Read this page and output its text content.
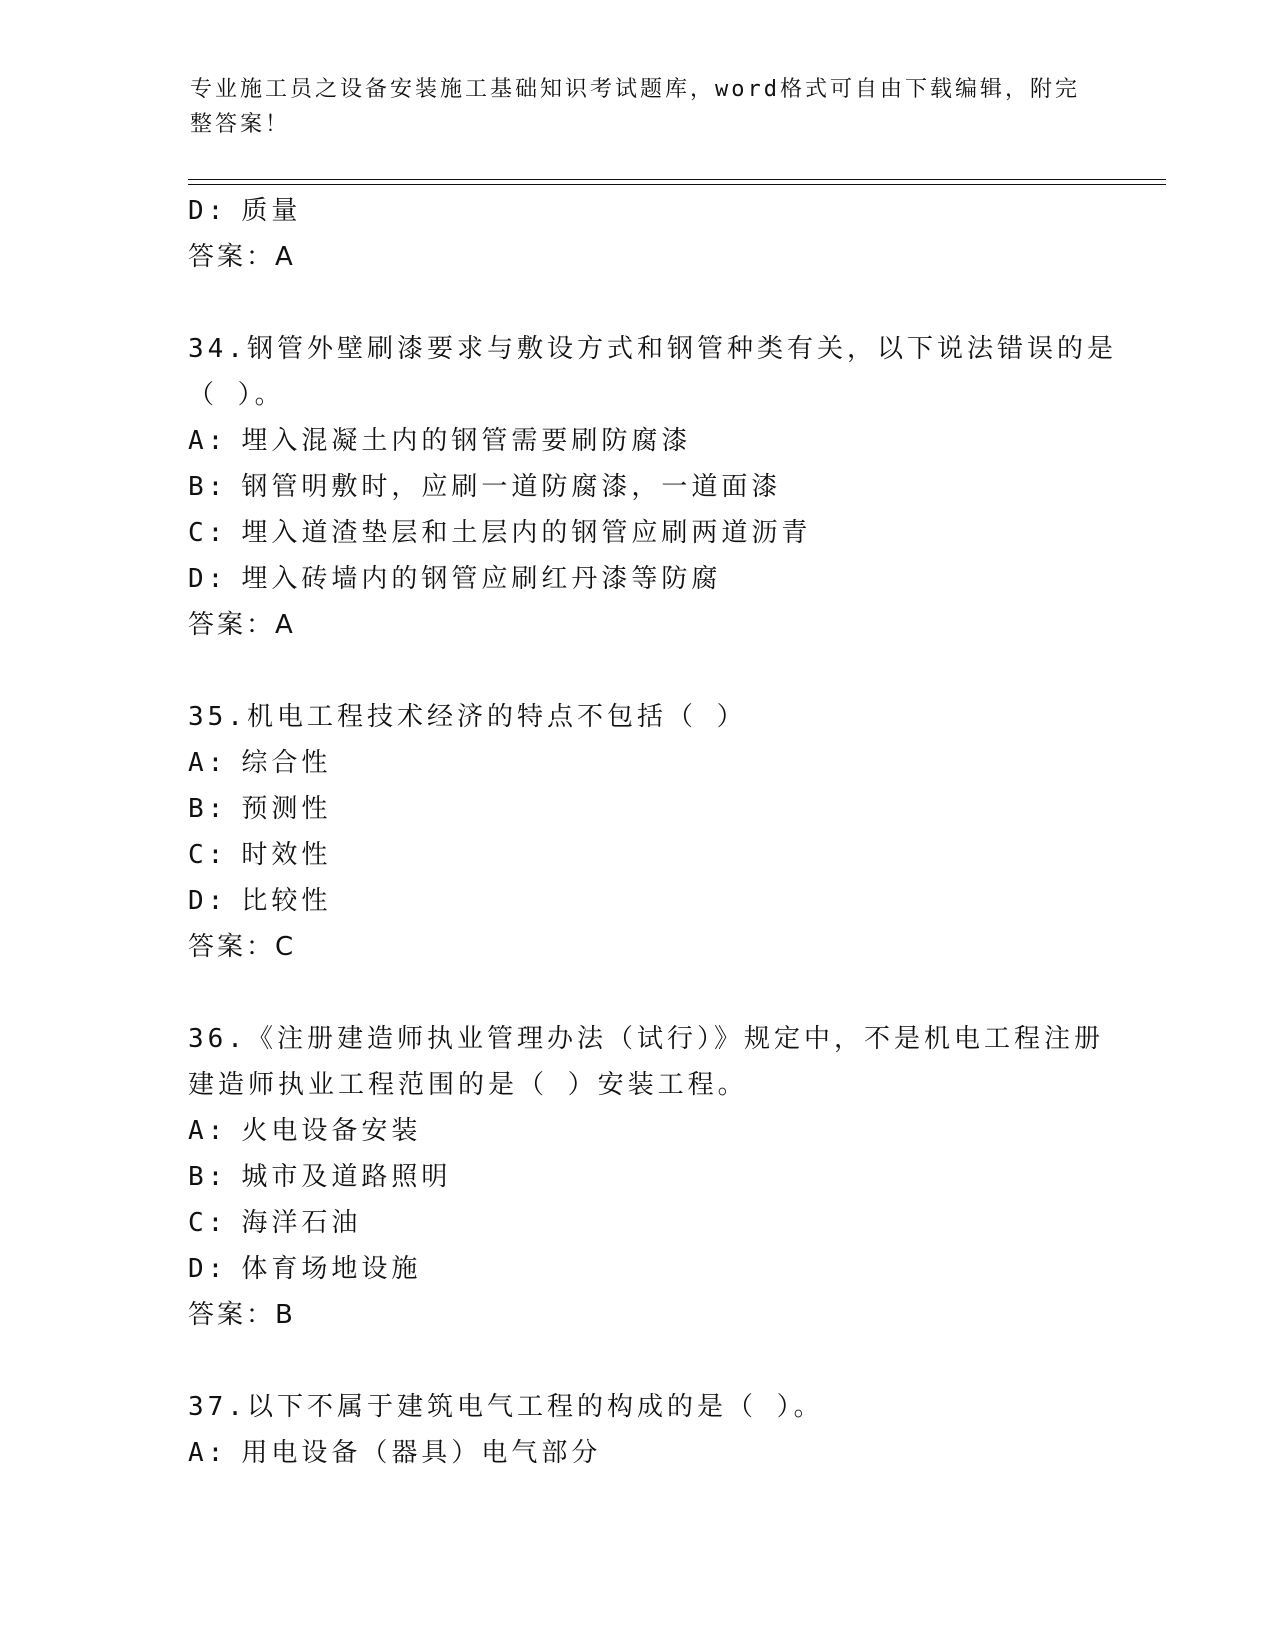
专业施工员之设备安装施工基础知识考试题库，word格式可自由下载编辑，附完
整答案！
D: 质量
答案：A
34.钢管外壁刷漆要求与敷设方式和钢管种类有关，以下说法错误的是
（ ）。
A: 埋入混凝土内的钢管需要刷防腐漆
B: 钢管明敷时，应刷一道防腐漆，一道面漆
C: 埋入道渣垫层和土层内的钢管应刷两道沥青
D: 埋入砖墙内的钢管应刷红丹漆等防腐
答案：A
35.机电工程技术经济的特点不包括（ ）
A: 综合性
B: 预测性
C: 时效性
D: 比较性
答案：C
36.《注册建造师执业管理办法（试行）》规定中，不是机电工程注册
建造师执业工程范围的是（ ）安装工程。
A: 火电设备安装
B: 城市及道路照明
C: 海洋石油
D: 体育场地设施
答案：B
37.以下不属于建筑电气工程的构成的是（ ）。
A: 用电设备（器具）电气部分
